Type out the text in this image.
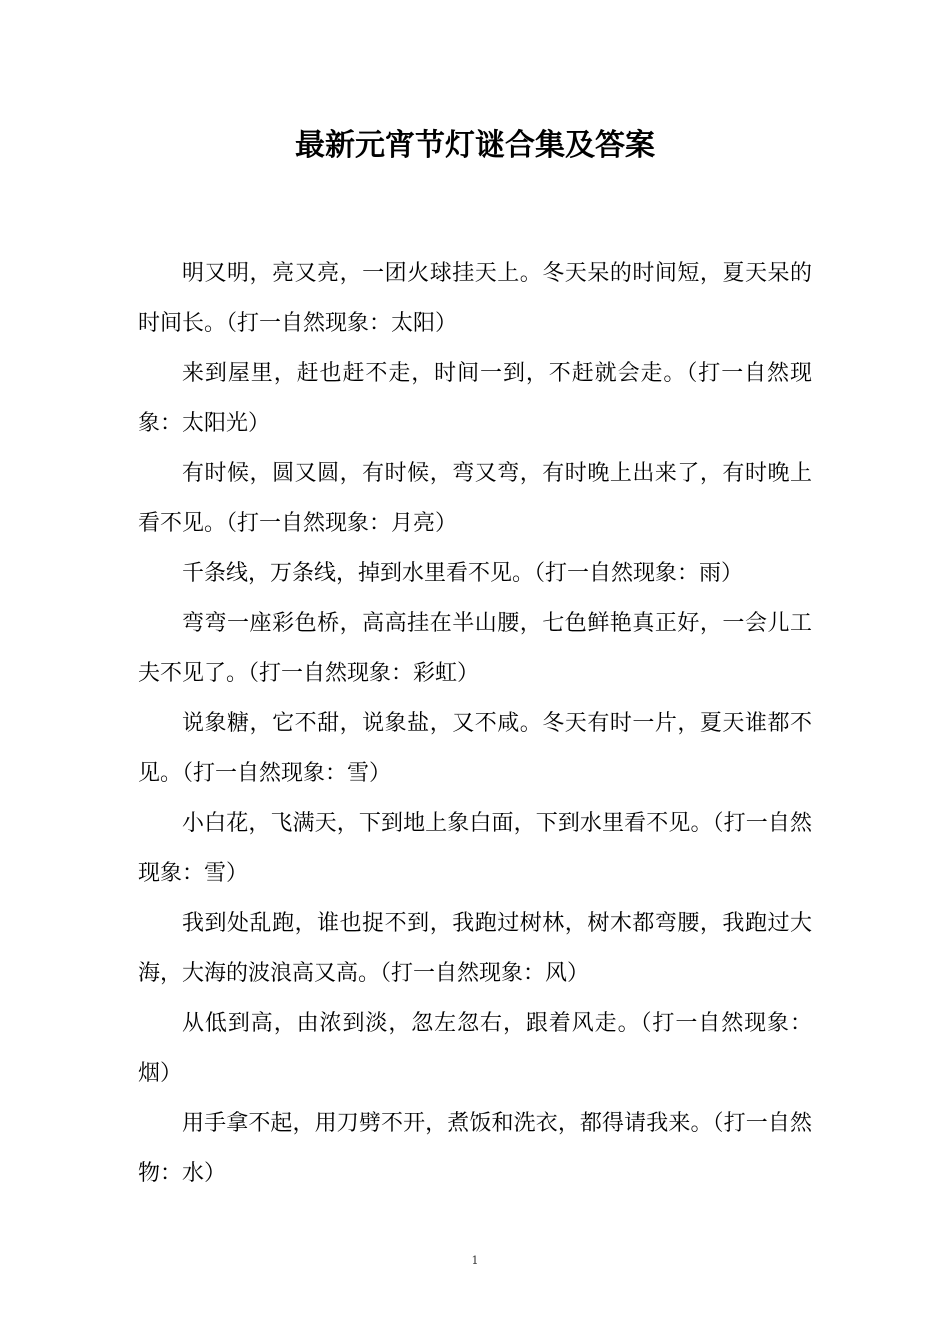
最新元宵节灯谜合集及答案

明又明，亮又亮，一团火球挂天上。冬天呆的时间短，夏天呆的时间长。（打一自然现象：太阳）

来到屋里，赶也赶不走，时间一到，不赶就会走。（打一自然现象：太阳光）

有时候，圆又圆，有时候，弯又弯，有时晚上出来了，有时晚上看不见。（打一自然现象：月亮）

千条线，万条线，掉到水里看不见。（打一自然现象：雨）

弯弯一座彩色桥，高高挂在半山腰，七色鲜艳真正好，一会儿工夫不见了。（打一自然现象：彩虹）

说象糖，它不甜，说象盐，又不咸。冬天有时一片，夏天谁都不见。（打一自然现象：雪）

小白花，飞满天，下到地上象白面，下到水里看不见。（打一自然现象：雪）

我到处乱跑，谁也捉不到，我跑过树林，树木都弯腰，我跑过大海，大海的波浪高又高。（打一自然现象：风）

从低到高，由浓到淡，忽左忽右，跟着风走。（打一自然现象：烟）

用手拿不起，用刀劈不开，煮饭和洗衣，都得请我来。（打一自然物：水）

1
